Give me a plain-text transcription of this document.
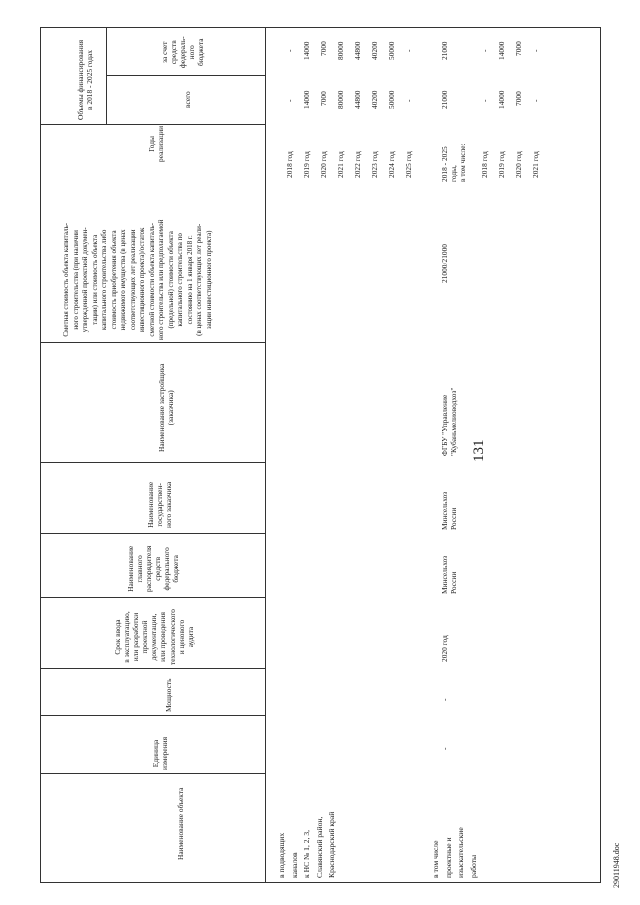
131
Наименование объекта
Единица измерения
Мощность
Срок ввода в эксплуатацию, или разработки проектной документации, или проведения технологического и ценового аудита
Наименование главного распорядителя средств федерального бюджета
Наименование государствен- ного заказчика
Наименование застройщика (заказчика)
Сметная стоимость объекта капиталь- ного строительства (при наличии утвержденной проектной докумен- тации) или стоимость объекта капитального строительства либо стоимость приобретения объекта недвижимого имущества (в ценах соответствующих лет реализации инвестиционного проекта)/остаток сметной стоимости объекта капиталь- ного строительства или предполагаемой (предельной) стоимости объекта капитального строительства по состоянию на 1 января 2018 г. (в ценах соответствующих лет реали- зации инвестиционного проекта)
Годы реализации
Объемы финансирования в 2018 - 2025 годах	всего
за счет средств федераль- ного бюджета
в подводящих каналов к НС № 1, 2, 3, Славянский район, Краснодарский край
2018 год 2019 год 2020 год 2021 год 2022 год 2023 год 2024 год 2025 год
- 14000 7000 80000 44800 40200 50000 -
- 14000 7000 80000 44800 40200 50000 -
в том числе проектные и изыскательские работы
-
-
2020 год
Минсельхоз России
Минсельхоз России
ФГБУ "Управление "Кубаньмелиоводхоз"
21000/21000
2018 - 2025 годы, в том числе:
21000
21000
2018 год 2019 год 2020 год 2021 год
- 14000 7000 -
- 14000 7000 -
29011948.doc
